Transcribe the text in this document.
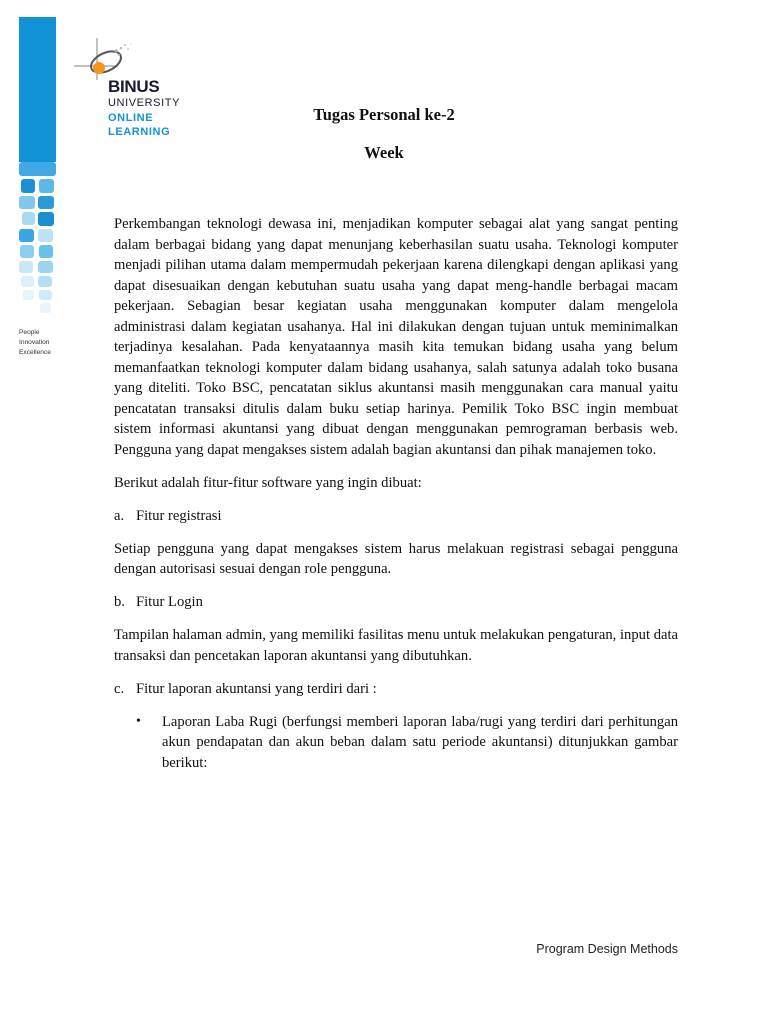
People
Innovation
Excellence
BINUS
UNIVERSITY
ONLINE
LEARNING
Tugas Personal ke-2
Week

Perkembangan teknologi dewasa ini, menjadikan komputer sebagai alat yang sangat penting dalam berbagai bidang yang dapat menunjang keberhasilan suatu usaha. Teknologi komputer menjadi pilihan utama dalam mempermudah pekerjaan karena dilengkapi dengan aplikasi yang dapat disesuaikan dengan kebutuhan suatu usaha yang dapat meng-handle berbagai macam pekerjaan. Sebagian besar kegiatan usaha menggunakan komputer dalam mengelola administrasi dalam kegiatan usahanya. Hal ini dilakukan dengan tujuan untuk meminimalkan terjadinya kesalahan. Pada kenyataannya masih kita temukan bidang usaha yang belum memanfaatkan teknologi komputer dalam bidang usahanya, salah satunya adalah toko busana yang diteliti. Toko BSC, pencatatan siklus akuntansi masih menggunakan cara manual yaitu pencatatan transaksi ditulis dalam buku setiap harinya. Pemilik Toko BSC ingin membuat sistem informasi akuntansi yang dibuat dengan menggunakan pemrograman berbasis web. Pengguna yang dapat mengakses sistem adalah bagian akuntansi dan pihak manajemen toko.

Berikut adalah fitur-fitur software yang ingin dibuat:

a. Fitur registrasi

Setiap pengguna yang dapat mengakses sistem harus melakuan registrasi sebagai pengguna dengan autorisasi sesuai dengan role pengguna.

b. Fitur Login

Tampilan halaman admin, yang memiliki fasilitas menu untuk melakukan pengaturan, input data transaksi dan pencetakan laporan akuntansi yang dibutuhkan.

c. Fitur laporan akuntansi yang terdiri dari :
•	Laporan Laba Rugi (berfungsi memberi laporan laba/rugi yang terdiri dari perhitungan akun pendapatan dan akun beban dalam satu periode akuntansi) ditunjukkan gambar berikut:
Program Design Methods
